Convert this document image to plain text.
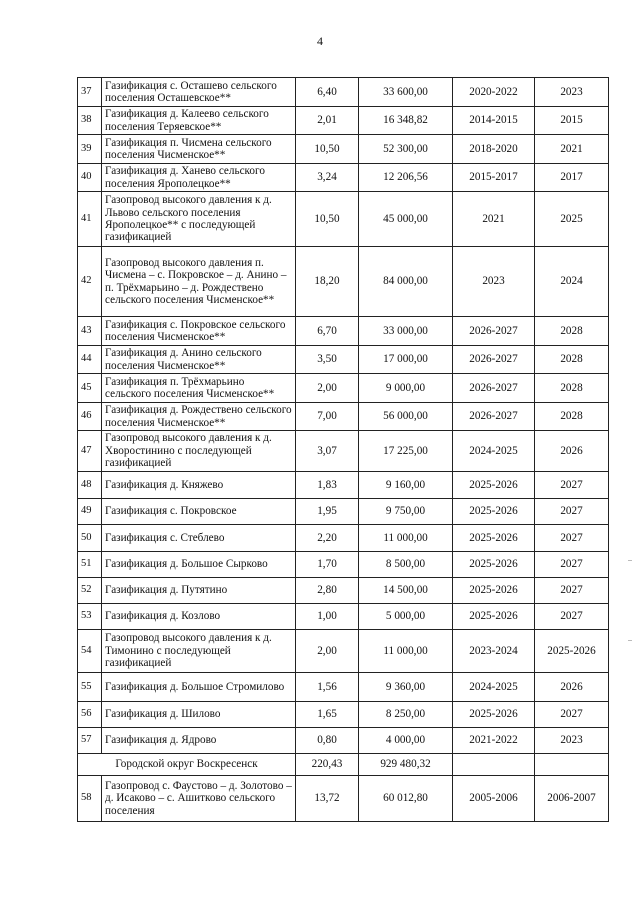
4
37	Газификация с. Осташево сельского поселения Осташевское**	6,40	33 600,00	2020-2022	2023
38	Газификация д. Калеево сельского поселения Теряевское**	2,01	16 348,82	2014-2015	2015
39	Газификация п. Чисмена сельского поселения Чисменское**	10,50	52 300,00	2018-2020	2021
40	Газификация д. Ханево сельского поселения Ярополецкое**	3,24	12 206,56	2015-2017	2017
41	Газопровод высокого давления к д. Львово сельского поселения Ярополецкое** с последующей газификацией	10,50	45 000,00	2021	2025
42	Газопровод высокого давления п. Чисмена – с. Покровское – д. Анино – п. Трёхмарьино – д. Рождествено сельского поселения Чисменское**	18,20	84 000,00	2023	2024
43	Газификация с. Покровское сельского поселения Чисменское**	6,70	33 000,00	2026-2027	2028
44	Газификация д. Анино сельского поселения Чисменское**	3,50	17 000,00	2026-2027	2028
45	Газификация п. Трёхмарьино сельского поселения Чисменское**	2,00	9 000,00	2026-2027	2028
46	Газификация д. Рождествено сельского поселения Чисменское**	7,00	56 000,00	2026-2027	2028
47	Газопровод высокого давления к д. Хворостинино с последующей газификацией	3,07	17 225,00	2024-2025	2026
48	Газификация д. Княжево	1,83	9 160,00	2025-2026	2027
49	Газификация с. Покровское	1,95	9 750,00	2025-2026	2027
50	Газификация с. Стеблево	2,20	11 000,00	2025-2026	2027
51	Газификация д. Большое Сырково	1,70	8 500,00	2025-2026	2027
52	Газификация д. Путятино	2,80	14 500,00	2025-2026	2027
53	Газификация д. Козлово	1,00	5 000,00	2025-2026	2027
54	Газопровод высокого давления к д. Тимонино с последующей газификацией	2,00	11 000,00	2023-2024	2025-2026
55	Газификация д. Большое Стромилово	1,56	9 360,00	2024-2025	2026
56	Газификация д. Шилово	1,65	8 250,00	2025-2026	2027
57	Газификация д. Ядрово	0,80	4 000,00	2021-2022	2023
Городской округ Воскресенск		220,43	929 480,32		
58	Газопровод с. Фаустово – д. Золотово – д. Исаково – с. Ашитково сельского поселения	13,72	60 012,80	2005-2006	2006-2007
